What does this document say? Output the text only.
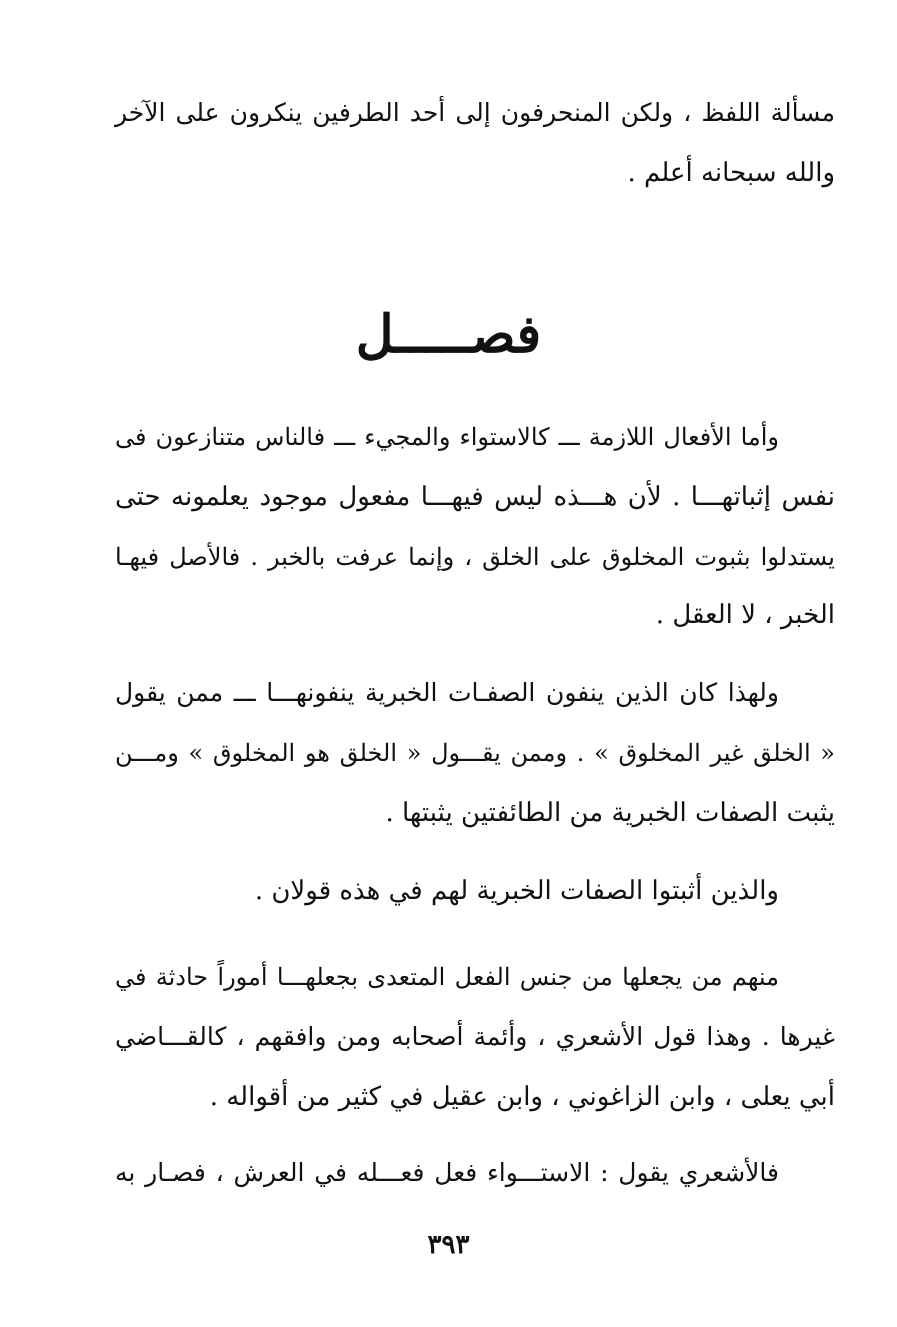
مسألة اللفظ ، ولكن المنحرفون إلى أحد الطرفين ينكرون على الآخر
والله سبحانه أعلم .
فصـــــل
وأما الأفعال اللازمة ـــ كالاستواء والمجيء ـــ فالناس متنازعون فى
نفس إثباتهـــا . لأن هـــذه ليس فيهـــا مفعول موجود يعلمونه حتى
يستدلوا بثبوت المخلوق على الخلق ، وإنما عرفت بالخبر . فالأصل فيهـا
الخبر ، لا العقل .
ولهذا كان الذين ينفون الصفـات الخبرية ينفونهـــا ـــ ممن يقول
« الخلق غير المخلوق » . وممن يقـــول « الخلق هو المخلوق » ومـــن
يثبت الصفات الخبرية من الطائفتين يثبتها .
والذين أثبتوا الصفات الخبرية لهم في هذه قولان .
منهم من يجعلها من جنس الفعل المتعدى بجعلهـــا أموراً حادثة في
غيرها . وهذا قول الأشعري ، وأئمة أصحابه ومن وافقهم ، كالقـــاضي
أبي يعلى ، وابن الزاغوني ، وابن عقيل في كثير من أقواله .
فالأشعري يقول : الاستـــواء فعل فعـــله في العرش ، فصـار به
٣٩٣
